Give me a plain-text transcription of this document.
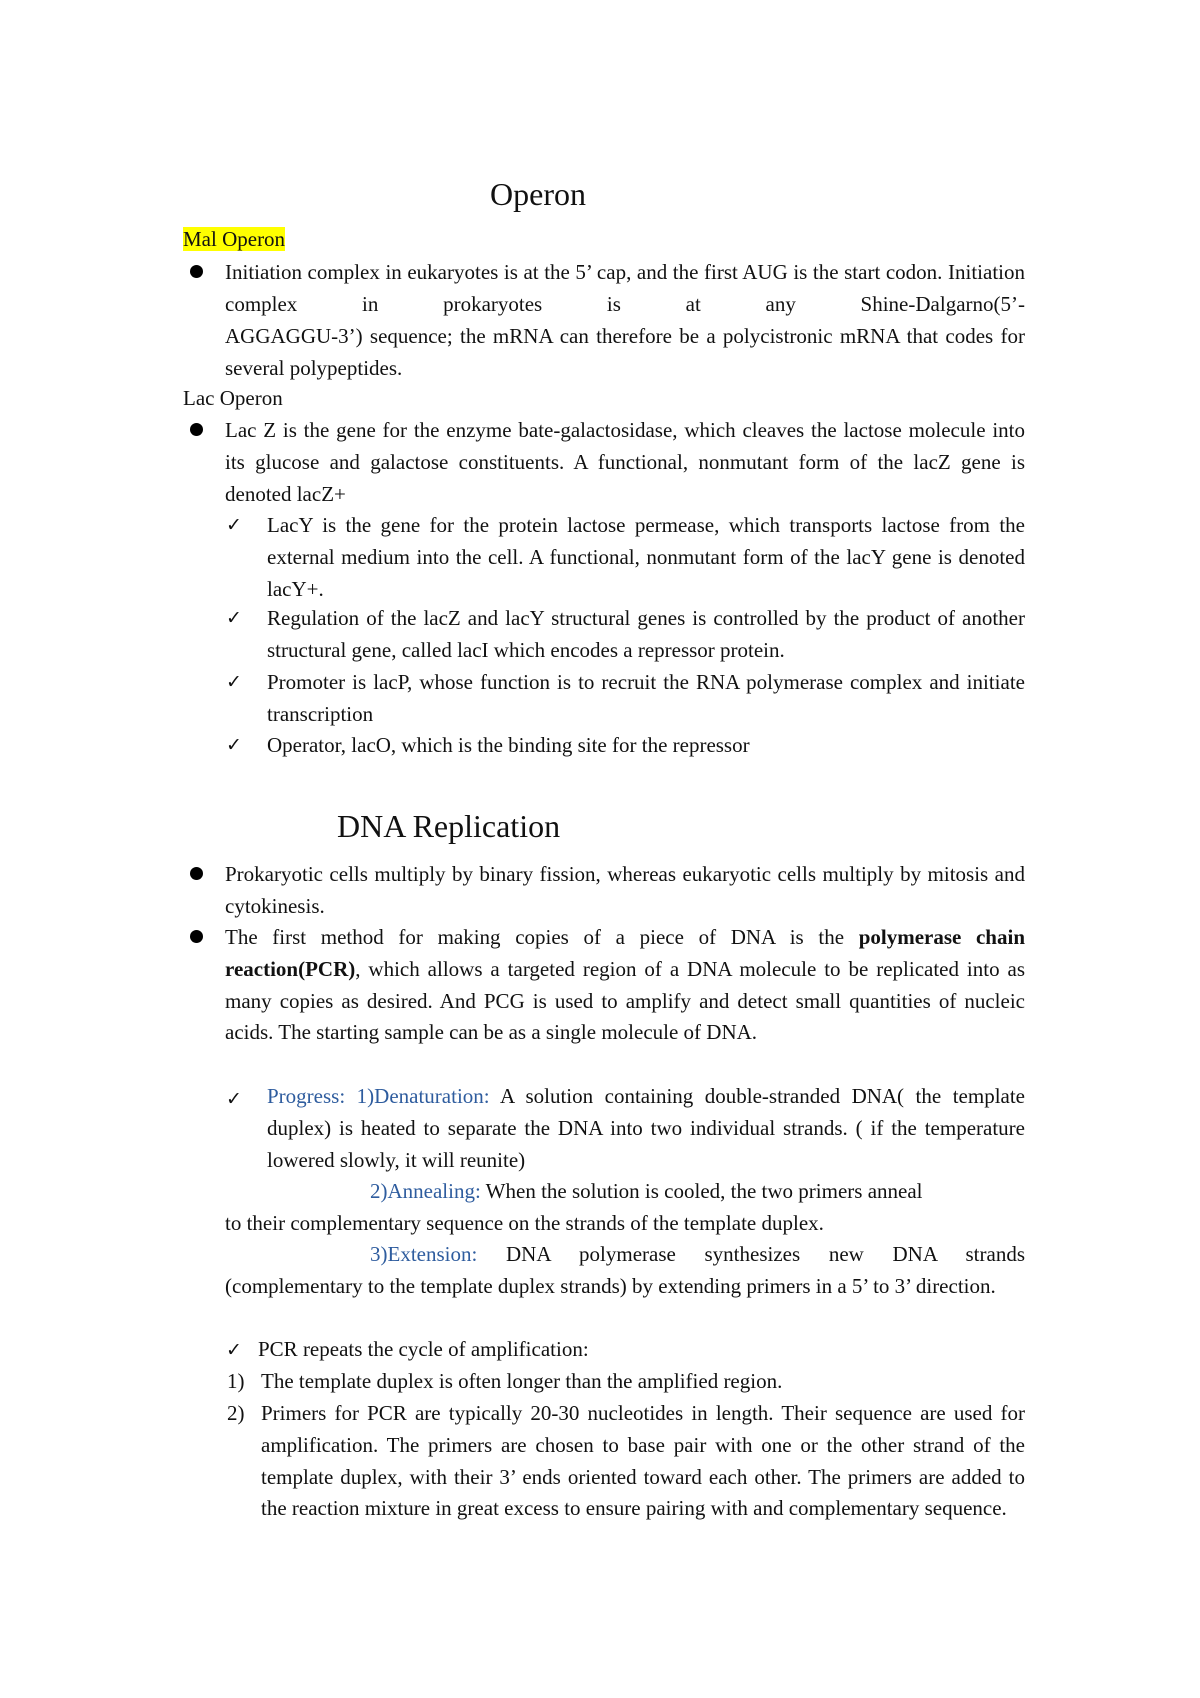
Operon
Mal Operon
Initiation complex in eukaryotes is at the 5’ cap, and the first AUG is the start codon. Initiation complex in prokaryotes is at any Shine-Dalgarno(5’-
AGGAGGU-3’) sequence; the mRNA can therefore be a polycistronic mRNA that codes for several polypeptides.
Lac Operon
Lac Z is the gene for the enzyme bate-galactosidase, which cleaves the lactose molecule into its glucose and galactose constituents. A functional, nonmutant form of the lacZ gene is denoted lacZ+
✓ LacY is the gene for the protein lactose permease, which transports lactose from the external medium into the cell. A functional, nonmutant form of the lacY gene is denoted lacY+.
✓ Regulation of the lacZ and lacY structural genes is controlled by the product of another structural gene, called lacI which encodes a repressor protein.
✓ Promoter is lacP, whose function is to recruit the RNA polymerase complex and initiate transcription
✓ Operator, lacO, which is the binding site for the repressor
DNA Replication
Prokaryotic cells multiply by binary fission, whereas eukaryotic cells multiply by mitosis and cytokinesis.
The first method for making copies of a piece of DNA is the polymerase chain reaction(PCR), which allows a targeted region of a DNA molecule to be replicated into as many copies as desired. And PCG is used to amplify and detect small quantities of nucleic acids. The starting sample can be as a single molecule of DNA.
✓ Progress: 1)Denaturation: A solution containing double-stranded DNA( the template duplex) is heated to separate the DNA into two individual strands. ( if the temperature lowered slowly, it will reunite)
2)Annealing: When the solution is cooled, the two primers anneal
to their complementary sequence on the strands of the template duplex.
3)Extension: DNA polymerase synthesizes new DNA strands
(complementary to the template duplex strands) by extending primers in a 5’ to 3’ direction.
✓ PCR repeats the cycle of amplification:
1) The template duplex is often longer than the amplified region.
2) Primers for PCR are typically 20-30 nucleotides in length. Their sequence are used for amplification. The primers are chosen to base pair with one or the other strand of the template duplex, with their 3’ ends oriented toward each other. The primers are added to the reaction mixture in great excess to ensure pairing with and complementary sequence.
